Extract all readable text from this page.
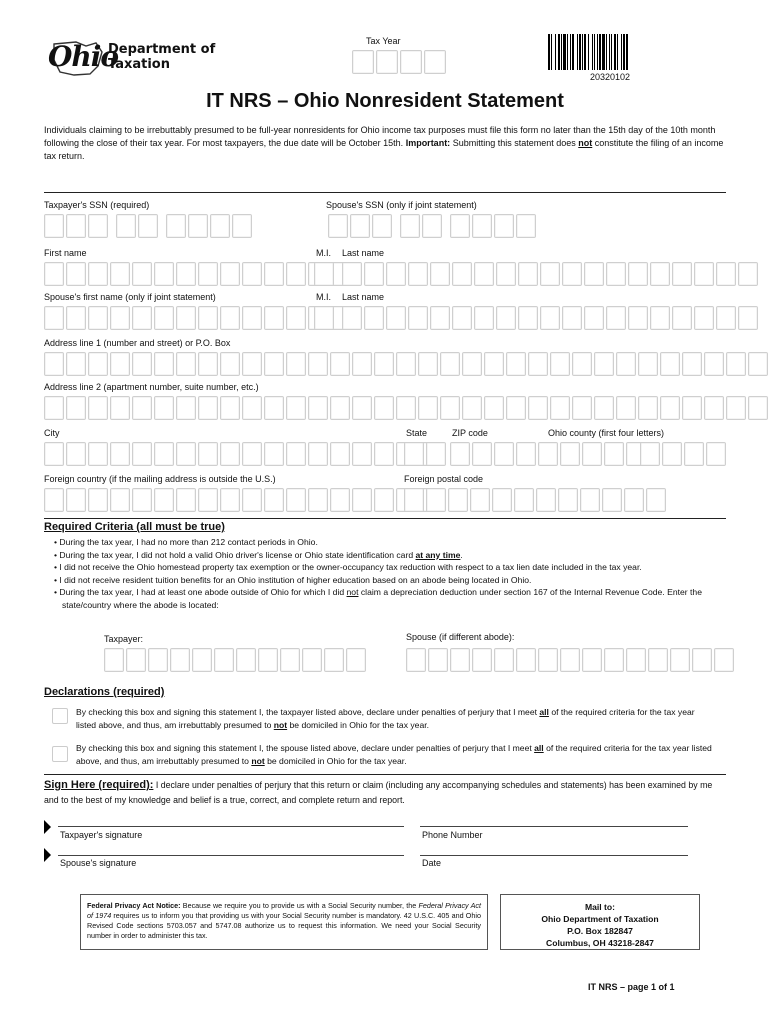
Ohio
Department of
Taxation
Tax Year
20320102
IT NRS – Ohio Nonresident Statement
Individuals claiming to be irrebuttably presumed to be full-year nonresidents for Ohio income tax purposes must file this form no later than the 15th day of the 10th month following the close of their tax year. For most taxpayers, the due date will be October 15th. Important: Submitting this statement does not constitute the filing of an income tax return.
Taxpayer's SSN (required)	Spouse's SSN (only if joint statement)
First name	M.I. Last name
Spouse's first name (only if joint statement)	M.I. Last name
Address line 1 (number and street) or P.O. Box
Address line 2 (apartment number, suite number, etc.)
City	State	ZIP code	Ohio county (first four letters)
Foreign country (if the mailing address is outside the U.S.)	Foreign postal code
Required Criteria (all must be true)
• During the tax year, I had no more than 212 contact periods in Ohio.
• During the tax year, I did not hold a valid Ohio driver's license or Ohio state identification card at any time.
• I did not receive the Ohio homestead property tax exemption or the owner-occupancy tax reduction with respect to a tax lien date included in the tax year.
• I did not receive resident tuition benefits for an Ohio institution of higher education based on an abode being located in Ohio.
• During the tax year, I had at least one abode outside of Ohio for which I did not claim a depreciation deduction under section 167 of the Internal Revenue Code. Enter the state/country where the abode is located:
Taxpayer:	Spouse (if different abode):
Declarations (required)
By checking this box and signing this statement I, the taxpayer listed above, declare under penalties of perjury that I meet all of the required criteria for the tax year listed above, and thus, am irrebuttably presumed to not be domiciled in Ohio for the tax year.
By checking this box and signing this statement I, the spouse listed above, declare under penalties of perjury that I meet all of the required criteria for the tax year listed above, and thus, am irrebuttably presumed to not be domiciled in Ohio for the tax year.
Sign Here (required): I declare under penalties of perjury that this return or claim (including any accompanying schedules and statements) has been examined by me and to the best of my knowledge and belief is a true, correct, and complete return and report.
Taxpayer's signature	Phone Number
Spouse's signature	Date
Federal Privacy Act Notice: Because we require you to provide us with a Social Security number, the Federal Privacy Act of 1974 requires us to inform you that providing us with your Social Security number is mandatory. 42 U.S.C. 405 and Ohio Revised Code sections 5703.057 and 5747.08 authorize us to request this information. We need your Social Security number in order to administer this tax.
Mail to:
Ohio Department of Taxation
P.O. Box 182847
Columbus, OH 43218-2847
IT NRS – page 1 of 1
